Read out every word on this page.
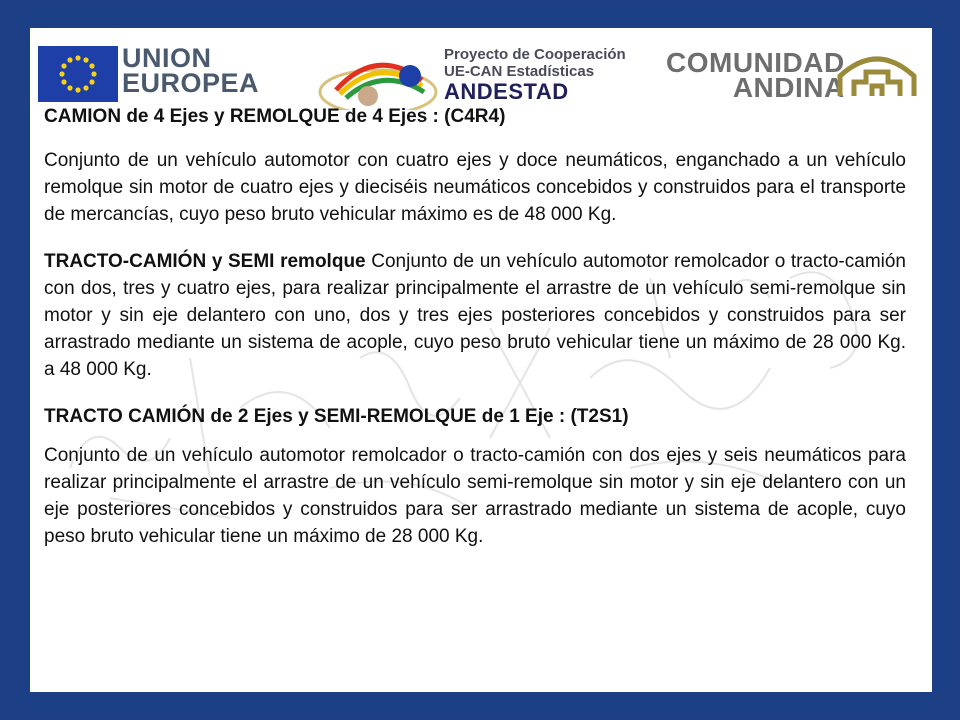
UNION
EUROPEA
Proyecto de Cooperación
UE-CAN Estadísticas
ANDESTAD
COMUNIDAD
ANDINA

CAMION de 4 Ejes y REMOLQUE de 4 Ejes : (C4R4)

Conjunto de un vehículo automotor con cuatro ejes y doce neumáticos, enganchado a un vehículo remolque sin motor de cuatro ejes y dieciséis neumáticos concebidos y construidos para el transporte de mercancías, cuyo peso bruto vehicular máximo es de 48 000 Kg.

TRACTO-CAMIÓN y SEMI remolque Conjunto de un vehículo automotor remolcador o tracto-camión con dos, tres y cuatro ejes, para realizar principalmente el arrastre de un vehículo semi-remolque sin motor y sin eje delantero con uno, dos y tres ejes posteriores concebidos y construidos para ser arrastrado mediante un sistema de acople, cuyo peso bruto vehicular tiene un máximo de 28 000 Kg. a 48 000 Kg.

TRACTO CAMIÓN de 2 Ejes y SEMI-REMOLQUE de 1 Eje : (T2S1)

Conjunto de un vehículo automotor remolcador o tracto-camión con dos ejes y seis neumáticos para realizar principalmente el arrastre de un vehículo semi-remolque sin motor y sin eje delantero con un eje posteriores concebidos y construidos para ser arrastrado mediante un sistema de acople, cuyo peso bruto vehicular tiene un máximo de 28 000 Kg.
